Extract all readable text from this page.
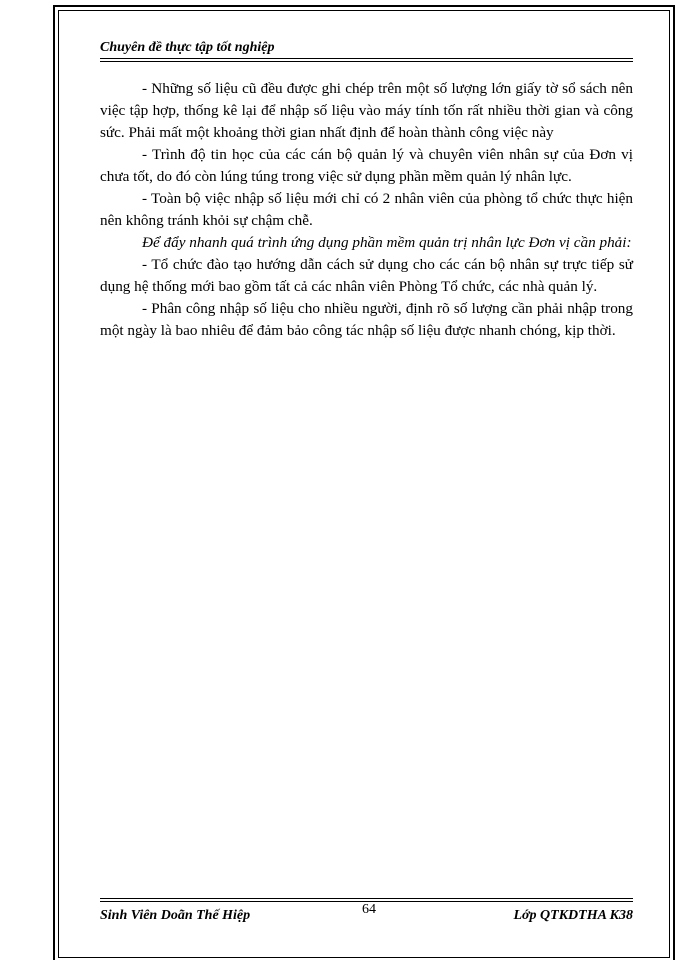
Chuyên đề thực tập tốt nghiệp

- Những số liệu cũ đều được ghi chép trên một số lượng lớn giấy tờ sổ sách nên việc tập hợp, thống kê lại để nhập số liệu vào máy tính tốn rất nhiều thời gian và công sức. Phải mất một khoảng thời gian nhất định để hoàn thành công việc này

- Trình độ tin học của các cán bộ quản lý và chuyên viên nhân sự của Đơn vị chưa tốt, do đó còn lúng túng trong việc sử dụng phần mềm quản lý nhân lực.

- Toàn bộ việc nhập số liệu mới chỉ có 2 nhân viên của phòng tổ chức thực hiện nên không tránh khỏi sự chậm chễ.

Để đẩy nhanh quá trình ứng dụng phần mềm quản trị nhân lực Đơn vị cần phải:

- Tổ chức đào tạo hướng dẫn cách sử dụng cho các cán bộ nhân sự trực tiếp sử dụng hệ thống mới bao gồm tất cả các nhân viên Phòng Tổ chức, các nhà quản lý.

- Phân công nhập số liệu cho nhiều người, định rõ số lượng cần phải nhập trong một ngày là bao nhiêu để đảm bảo công tác nhập số liệu được nhanh chóng, kịp thời.

Sinh Viên Doãn Thế Hiệp	64	Lớp QTKDTHA K38
